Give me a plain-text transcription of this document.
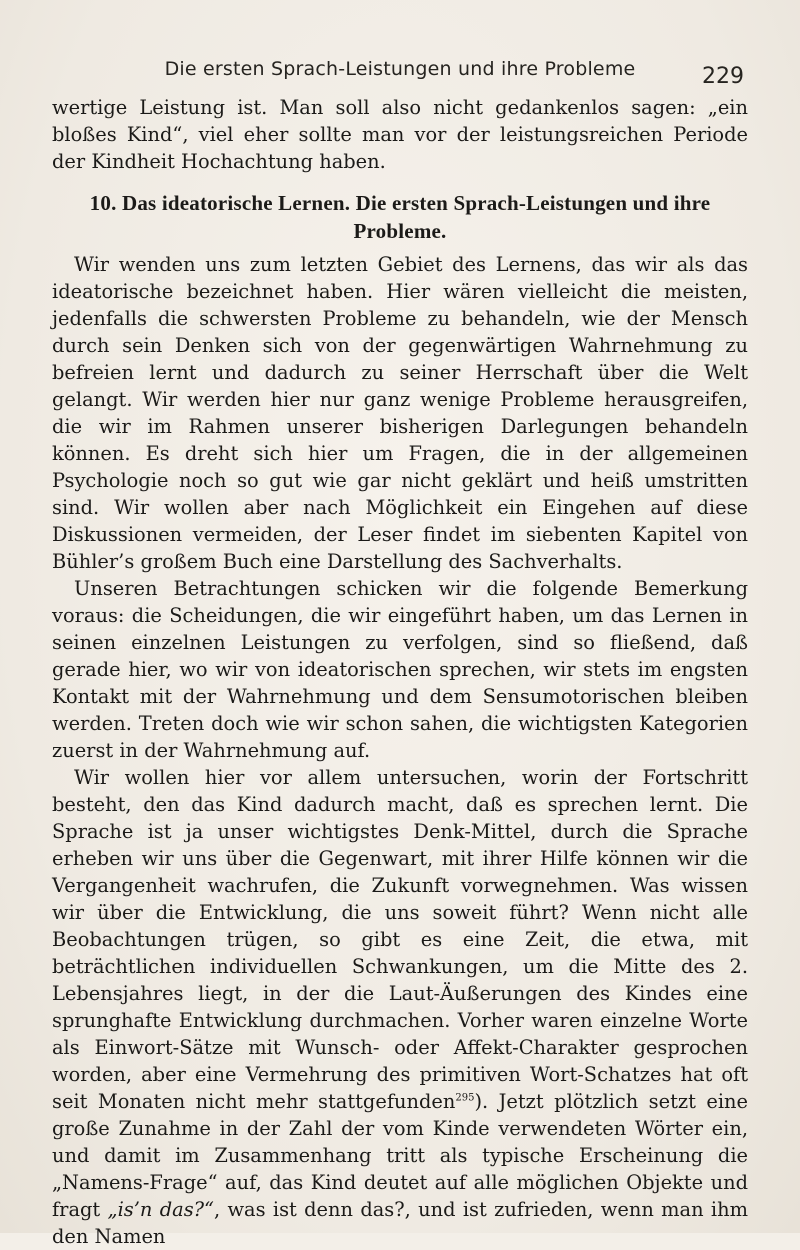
Die ersten Sprach-Leistungen und ihre Probleme	229

wertige Leistung ist. Man soll also nicht gedankenlos sagen: „ein bloßes Kind“, viel eher sollte man vor der leistungsreichen Periode der Kindheit Hochachtung haben.

10. Das ideatorische Lernen. Die ersten Sprach-Leistungen und ihre Probleme.

Wir wenden uns zum letzten Gebiet des Lernens, das wir als das ideatorische bezeichnet haben. Hier wären vielleicht die meisten, jedenfalls die schwersten Probleme zu behandeln, wie der Mensch durch sein Denken sich von der gegenwärtigen Wahrnehmung zu befreien lernt und dadurch zu seiner Herrschaft über die Welt gelangt. Wir werden hier nur ganz wenige Probleme herausgreifen, die wir im Rahmen unserer bisherigen Darlegungen behandeln können. Es dreht sich hier um Fragen, die in der allgemeinen Psychologie noch so gut wie gar nicht geklärt und heiß umstritten sind. Wir wollen aber nach Möglichkeit ein Eingehen auf diese Diskussionen vermeiden, der Leser findet im siebenten Kapitel von Bühler’s großem Buch eine Darstellung des Sachverhalts.

Unseren Betrachtungen schicken wir die folgende Bemerkung voraus: die Scheidungen, die wir eingeführt haben, um das Lernen in seinen einzelnen Leistungen zu verfolgen, sind so fließend, daß gerade hier, wo wir von ideatorischen sprechen, wir stets im engsten Kontakt mit der Wahrnehmung und dem Sensumotorischen bleiben werden. Treten doch wie wir schon sahen, die wichtigsten Kategorien zuerst in der Wahrnehmung auf.

Wir wollen hier vor allem untersuchen, worin der Fortschritt besteht, den das Kind dadurch macht, daß es sprechen lernt. Die Sprache ist ja unser wichtigstes Denk-Mittel, durch die Sprache erheben wir uns über die Gegenwart, mit ihrer Hilfe können wir die Vergangenheit wachrufen, die Zukunft vorwegnehmen. Was wissen wir über die Entwicklung, die uns soweit führt? Wenn nicht alle Beobachtungen trügen, so gibt es eine Zeit, die etwa, mit beträchtlichen individuellen Schwankungen, um die Mitte des 2. Lebensjahres liegt, in der die Laut-Äußerungen des Kindes eine sprunghafte Entwicklung durchmachen. Vorher waren einzelne Worte als Einwort-Sätze mit Wunsch- oder Affekt-Charakter gesprochen worden, aber eine Vermehrung des primitiven Wort-Schatzes hat oft seit Monaten nicht mehr stattgefunden$^{295}$). Jetzt plötzlich setzt eine große Zunahme in der Zahl der vom Kinde verwendeten Wörter ein, und damit im Zusammenhang tritt als typische Erscheinung die „Namens-Frage“ auf, das Kind deutet auf alle möglichen Objekte und fragt „is’n das?“, was ist denn das?, und ist zufrieden, wenn man ihm den Namen
